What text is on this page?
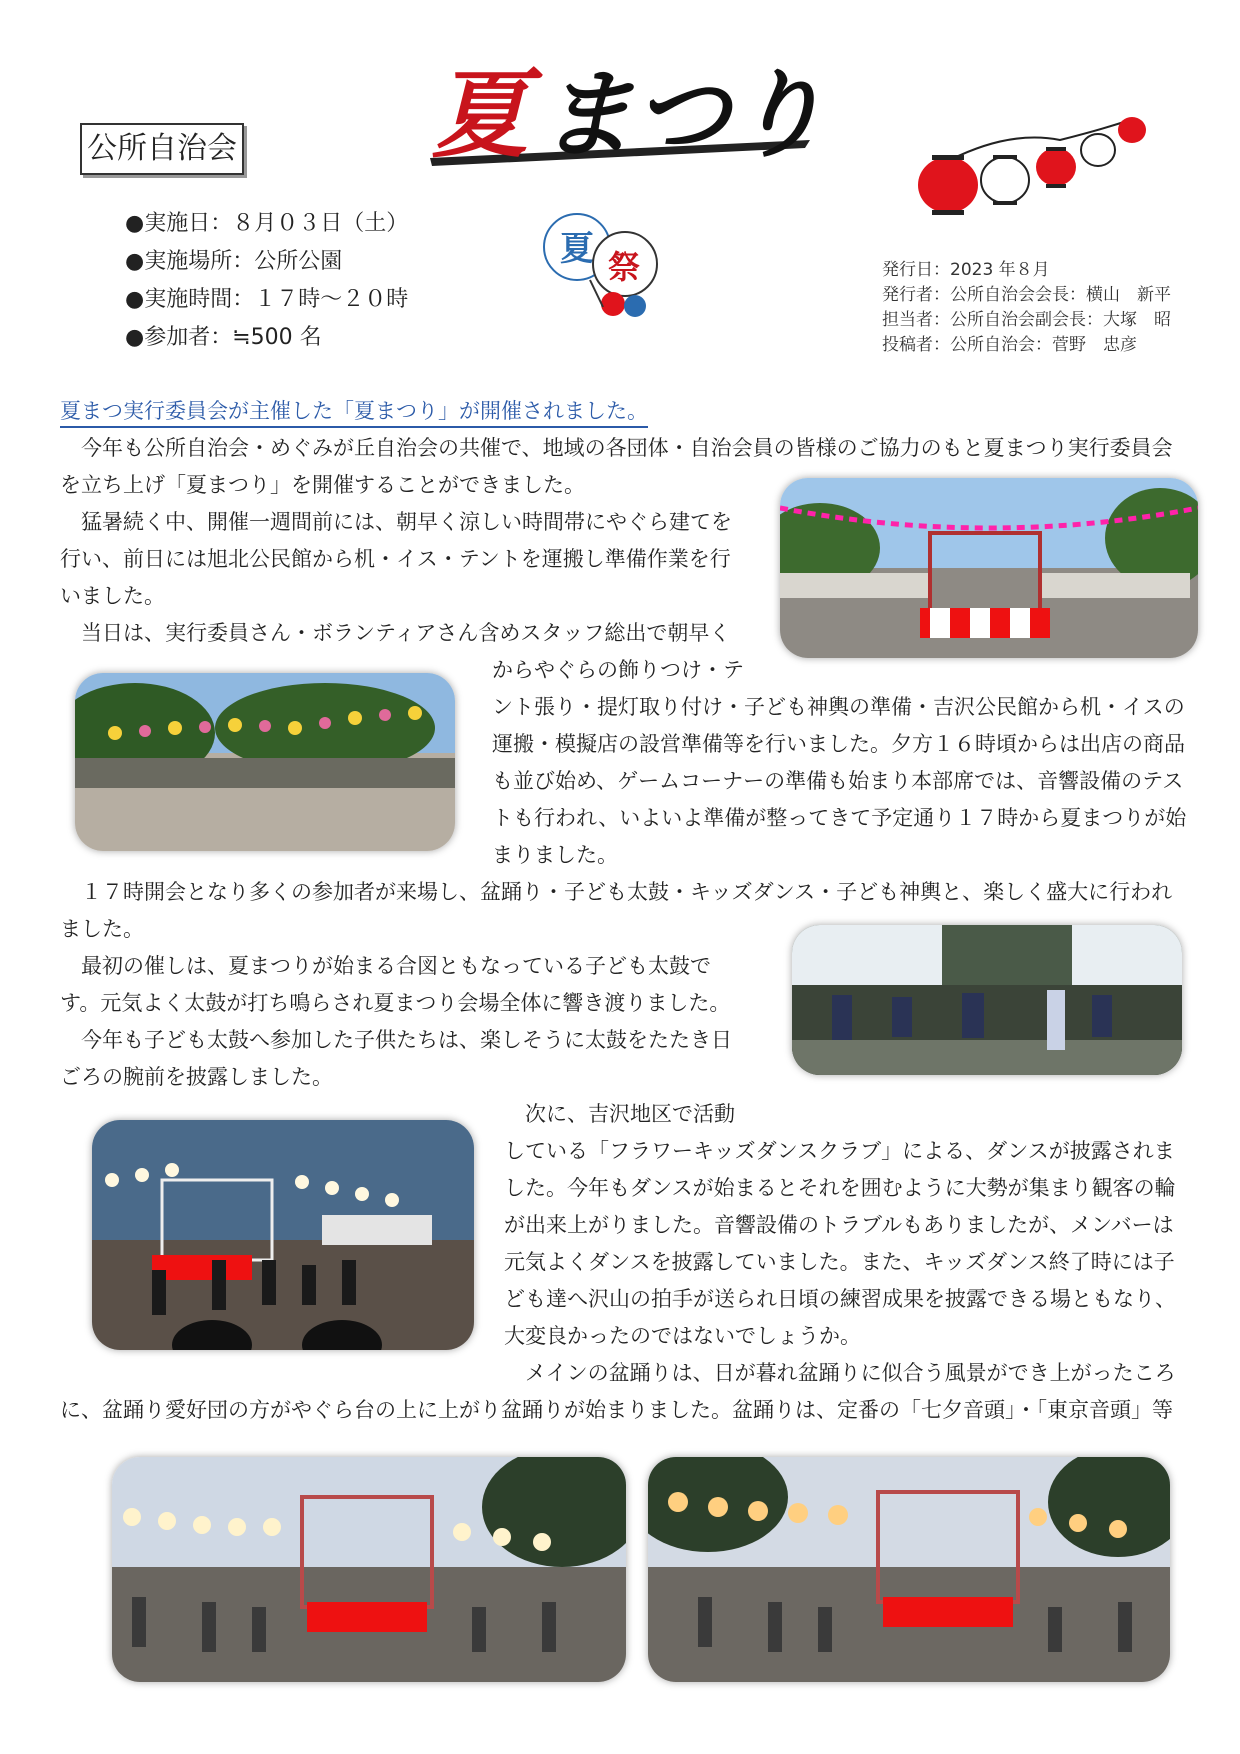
公所自治会 夏 まつり
●実施日：８月０３日（土）
●実施場所：公所公園
●実施時間：１７時～２０時
●参加者：≒500 名
夏 祭	発行日：2023 年８月
発行者：公所自治会会長：横山　新平
担当者：公所自治会副会長：大塚　昭
投稿者：公所自治会：菅野　忠彦
夏まつ実行委員会が主催した「夏まつり」が開催されました。
　今年も公所自治会・めぐみが丘自治会の共催で、地域の各団体・自治会員の皆様のご協力のもと夏まつり実行委員会
を立ち上げ「夏まつり」を開催することができました。
　猛暑続く中、開催一週間前には、朝早く涼しい時間帯にやぐら建てを
行い、前日には旭北公民館から机・イス・テントを運搬し準備作業を行
いました。
　当日は、実行委員さん・ボランティアさん含めスタッフ総出で朝早く
からやぐらの飾りつけ・テ
ント張り・提灯取り付け・子ども神輿の準備・吉沢公民館から机・イスの
運搬・模擬店の設営準備等を行いました。夕方１６時頃からは出店の商品
も並び始め、ゲームコーナーの準備も始まり本部席では、音響設備のテス
トも行われ、いよいよ準備が整ってきて予定通り１７時から夏まつりが始
まりました。
　１７時開会となり多くの参加者が来場し、盆踊り・子ども太鼓・キッズダンス・子ども神輿と、楽しく盛大に行われ
ました。
　最初の催しは、夏まつりが始まる合図ともなっている子ども太鼓で
す。元気よく太鼓が打ち鳴らされ夏まつり会場全体に響き渡りました。
　今年も子ども太鼓へ参加した子供たちは、楽しそうに太鼓をたたき日
ごろの腕前を披露しました。
　次に、吉沢地区で活動
している「フラワーキッズダンスクラブ」による、ダンスが披露されま
した。今年もダンスが始まるとそれを囲むように大勢が集まり観客の輪
が出来上がりました。音響設備のトラブルもありましたが、メンバーは
元気よくダンスを披露していました。また、キッズダンス終了時には子
ども達へ沢山の拍手が送られ日頃の練習成果を披露できる場ともなり、
大変良かったのではないでしょうか。
　メインの盆踊りは、日が暮れ盆踊りに似合う風景ができ上がったころ
に、盆踊り愛好団の方がやぐら台の上に上がり盆踊りが始まりました。盆踊りは、定番の「七夕音頭」・「東京音頭」等
